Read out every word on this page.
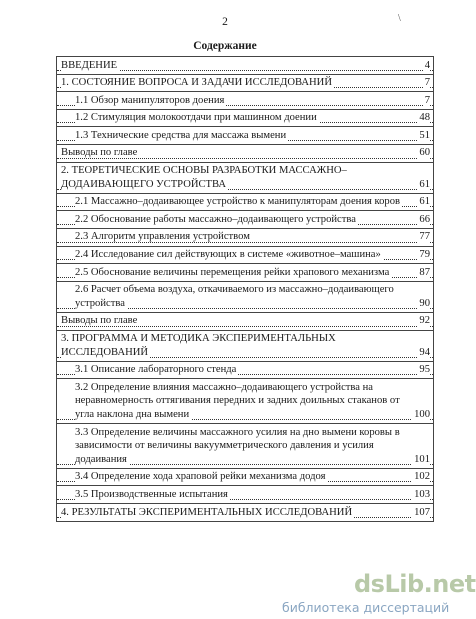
2	\
Содержание
ВВЕДЕНИЕ	4

1. СОСТОЯНИЕ ВОПРОСА И ЗАДАЧИ ИССЛЕДОВАНИЙ	7

1.1 Обзор манипуляторов доения	7

1.2 Стимуляция молокоотдачи при машинном доении	48

1.3 Технические средства для массажа вымени	51

Выводы по главе	60

2. ТЕОРЕТИЧЕСКИЕ ОСНОВЫ РАЗРАБОТКИ МАССАЖНО–
ДОДАИВАЮЩЕГО УСТРОЙСТВА	61

2.1 Массажно–додаивающее устройство к манипуляторам доения коров	61

2.2 Обоснование работы массажно–додаивающего устройства	66

2.3 Алгоритм управления устройством	77

2.4 Исследование сил действующих в системе «животное–машина»	79

2.5 Обоснование величины перемещения рейки храпового механизма	87

2.6 Расчет объема воздуха, откачиваемого из массажно–додаивающего
устройства	90

Выводы по главе	92

3. ПРОГРАММА И МЕТОДИКА ЭКСПЕРИМЕНТАЛЬНЫХ
ИССЛЕДОВАНИЙ	94

3.1 Описание лабораторного стенда	95

3.2 Определение влияния массажно–додаивающего устройства на
неравномерность оттягивания передних и задних доильных стаканов от
угла наклона дна вымени	100

3.3 Определение величины массажного усилия на дно вымени коровы в
зависимости от величины вакуумметрического давления и усилия
додаивания	101

3.4 Определение хода храповой рейки механизма додоя	102

3.5 Производственные испытания	103

4. РЕЗУЛЬТАТЫ ЭКСПЕРИМЕНТАЛЬНЫХ ИССЛЕДОВАНИЙ	107
dsLib.net
библиотека диссертаций
